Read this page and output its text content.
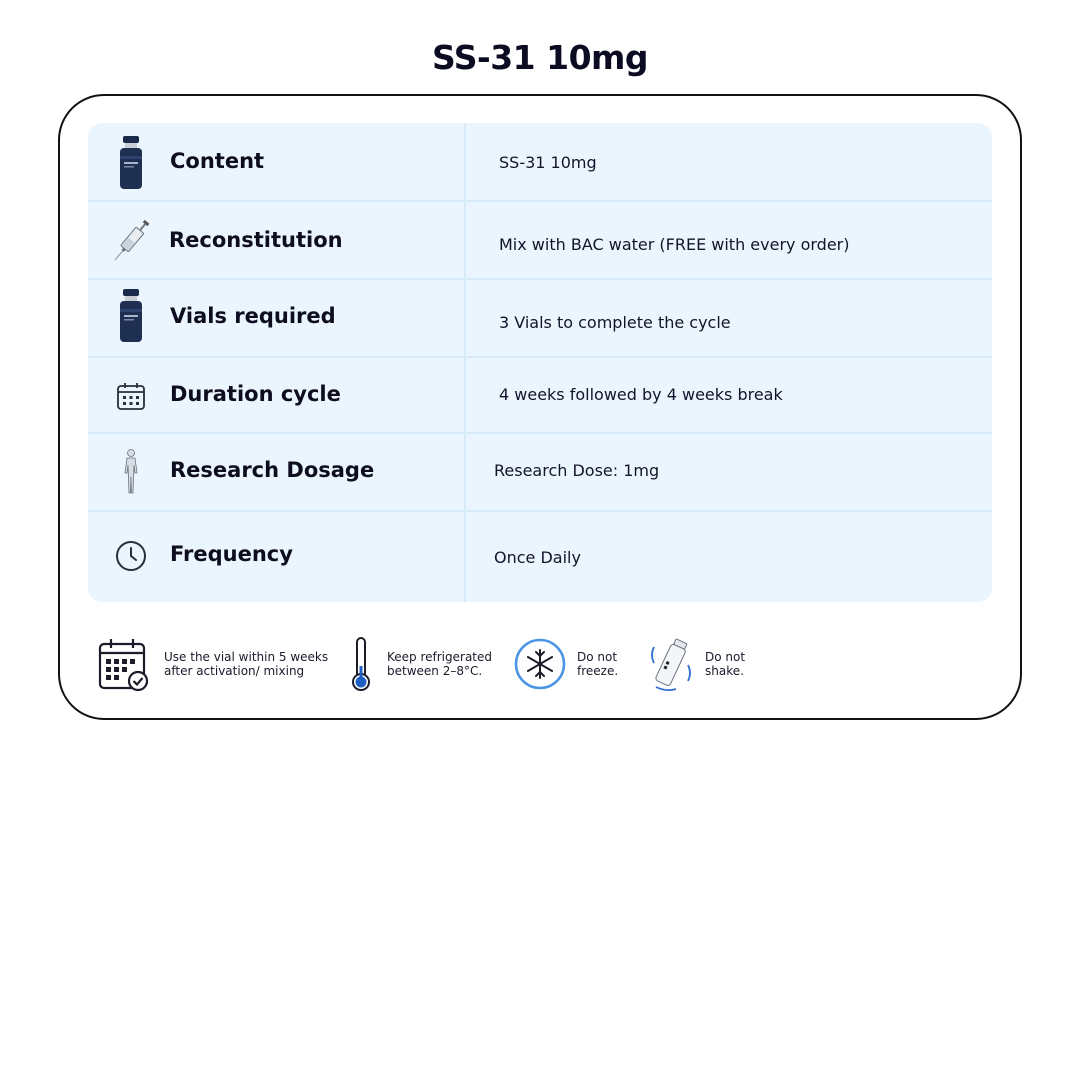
SS-31 10mg
Content	SS-31 10mg
Reconstitution	Mix with BAC water (FREE with every order)
Vials required	3 Vials to complete the cycle
Duration cycle	4 weeks followed by 4 weeks break
Research Dosage	Research Dose: 1mg
Frequency	Once Daily
Use the vial within 5 weeks
after activation/ mixing
Keep refrigerated
between 2–8°C.
Do not
freeze.
Do not
shake.
